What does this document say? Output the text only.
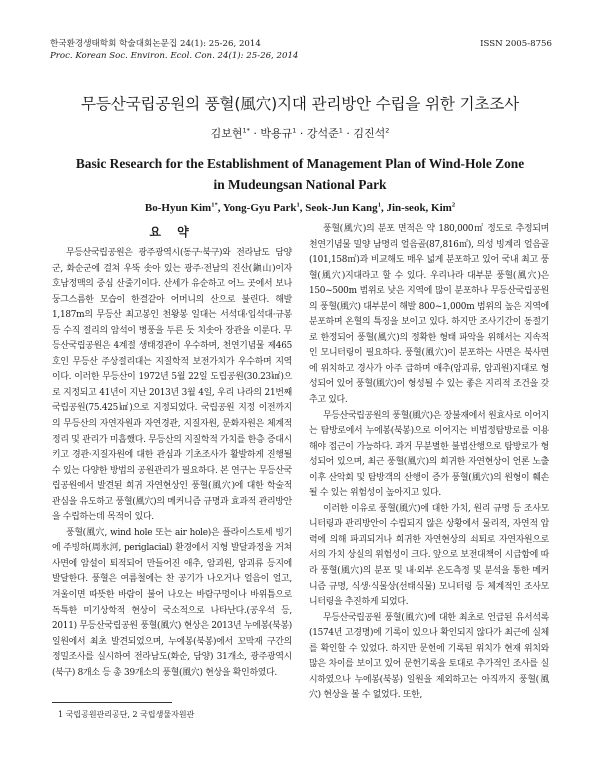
한국환경생태학회 학술대회논문집 24(1): 25-26, 2014
Proc. Korean Soc. Environ. Ecol. Con. 24(1): 25-26, 2014
ISSN 2005-8756
무등산국립공원의 풍혈(風穴)지대 관리방안 수립을 위한 기초조사
김보현$^{1*}$ · 박용규$^1$ · 강석준$^1$ · 김진석$^2$
Basic Research for the Establishment of Management Plan of Wind-Hole Zone
in Mudeungsan National Park
Bo-Hyun Kim$^{1*}$, Yong-Gyu Park$^1$, Seok-Jun Kang$^1$, Jin-seok, Kim$^2$
요 약

무등산국립공원은 광주광역시(동구·북구)와 전라남도 담양군, 화순군에 걸쳐 우뚝 솟아 있는 광주·전남의 진산(鎭山)이자 호남정맥의 중심 산줄기이다. 산세가 유순하고 어느 곳에서 보나 둥그스름한 모습이 한결같아 어머니의 산으로 불린다. 해발 1,187m의 무등산 최고봉인 천왕봉 일대는 서석대·입석대·규봉 등 수직 절리의 암석이 병풍을 두른 듯 치솟아 장관을 이룬다. 무등산국립공원은 4계절 생태경관이 우수하며, 천연기념물 제465호인 무등산 주상절리대는 지질학적 보전가치가 우수하며 지역이다. 이러한 무등산이 1972년 5월 22일 도립공원(30.23㎢)으로 지정되고 41년이 지난 2013년 3월 4일, 우리 나라의 21번째 국립공원(75.425㎢)으로 지정되었다. 국립공원 지정 이전까지의 무등산의 자연자원과 자연경관, 지질자원, 문화자원은 체계적 정리 및 관리가 미흡했다. 무등산의 지질학적 가치를 한층 증대시키고 경관·지질자원에 대한 관심과 기초조사가 활발하게 진행될 수 있는 다양한 방법의 공원관리가 필요하다. 본 연구는 무등산국립공원에서 발견된 희귀 자연현상인 풍혈(風穴)에 대한 학술적 관심을 유도하고 풍혈(風穴)의 메커니즘 규명과 효과적 관리방안을 수립하는데 목적이 있다.

풍혈(風穴, wind hole 또는 air hole)은 플라이스토세 빙기에 주빙하(周氷河, periglacial) 환경에서 지형 발달과정을 거쳐 사면에 암설이 퇴적되어 만들어진 애추, 암괴원, 암괴류 등지에 발달한다. 풍혈은 여름철에는 찬 공기가 나오거나 얼음이 얼고, 겨울이면 따뜻한 바람이 불어 나오는 바람구멍이나 바위틈으로 독특한 미기상학적 현상이 국소적으로 나타난다.(공우석 등, 2011) 무등산국립공원 풍혈(風穴) 현상은 2013년 누에봉(북봉) 일원에서 최초 발견되었으며, 누에봉(북봉)에서 꼬막재 구간의 정밀조사를 실시하여 전라남도(화순, 담양) 31개소, 광주광역시(북구) 8개소 등 총 39개소의 풍혈(風穴) 현상을 확인하였다.

풍혈(風穴)의 분포 면적은 약 180,000㎡ 정도로 추정되며 천연기념물 밀양 남명리 얼음골(87,816㎡), 의성 빙계리 얼음골(101,158㎡)과 비교해도 매우 넓게 분포하고 있어 국내 최고 풍혈(風穴)지대라고 할 수 있다. 우리나라 대부분 풍혈(風穴)은 150~500m 범위로 낮은 지역에 많이 분포하나 무등산국립공원의 풍혈(風穴) 대부분이 해발 800~1,000m 범위의 높은 지역에 분포하며 온혈의 특징을 보이고 있다. 하지만 조사기간이 동절기로 한정되어 풍혈(風穴)의 정확한 형태 파악을 위해서는 지속적인 모니터링이 필요하다. 풍혈(風穴)이 분포하는 사면은 북사면에 위치하고 경사가 아주 급하며 애추(암괴류, 암괴원)지대로 형성되어 있어 풍혈(風穴)이 형성될 수 있는 좋은 지리적 조건을 갖추고 있다.

무등산국립공원의 풍혈(風穴)은 장불재에서 원효사로 이어지는 탐방로에서 누에봉(북봉)으로 이어지는 비법정탐방로를 이용해야 접근이 가능하다. 과거 무분별한 불법산행으로 탐방로가 형성되어 있으며, 최근 풍혈(風穴)의 희귀한 자연현상이 언론 노출 이후 산악회 및 탐방객의 산행이 증가 풍혈(風穴)의 원형이 훼손될 수 있는 위험성이 높아지고 있다.

이러한 이유로 풍혈(風穴)에 대한 가치, 원리 규명 등 조사모니터링과 관리방안이 수립되지 않은 상황에서 물리적, 자연적 압력에 의해 파괴되거나 희귀한 자연현상의 쇠퇴로 자연자원으로서의 가치 상실의 위험성이 크다. 앞으로 보전대책이 시급함에 따라 풍혈(風穴)의 분포 및 내·외부 온도측정 및 분석을 통한 메커니즘 규명, 식생·식물상(선태식물) 모니터링 등 체계적인 조사모니터링을 추진하게 되었다.

무등산국립공원 풍혈(風穴)에 대한 최초로 언급된 유서석록(1574년 고경명)에 기록이 있으나 확인되지 않다가 최근에 실체를 확인할 수 있었다. 하지만 문헌에 기록된 위치가 현재 위치와 많은 차이를 보이고 있어 문헌기록을 토대로 추가적인 조사를 실시하였으나 누에봉(북봉) 일원을 제외하고는 아직까지 풍혈(風穴) 현상을 볼 수 없었다. 또한,

1 국립공원관리공단, 2 국립생물자원관
